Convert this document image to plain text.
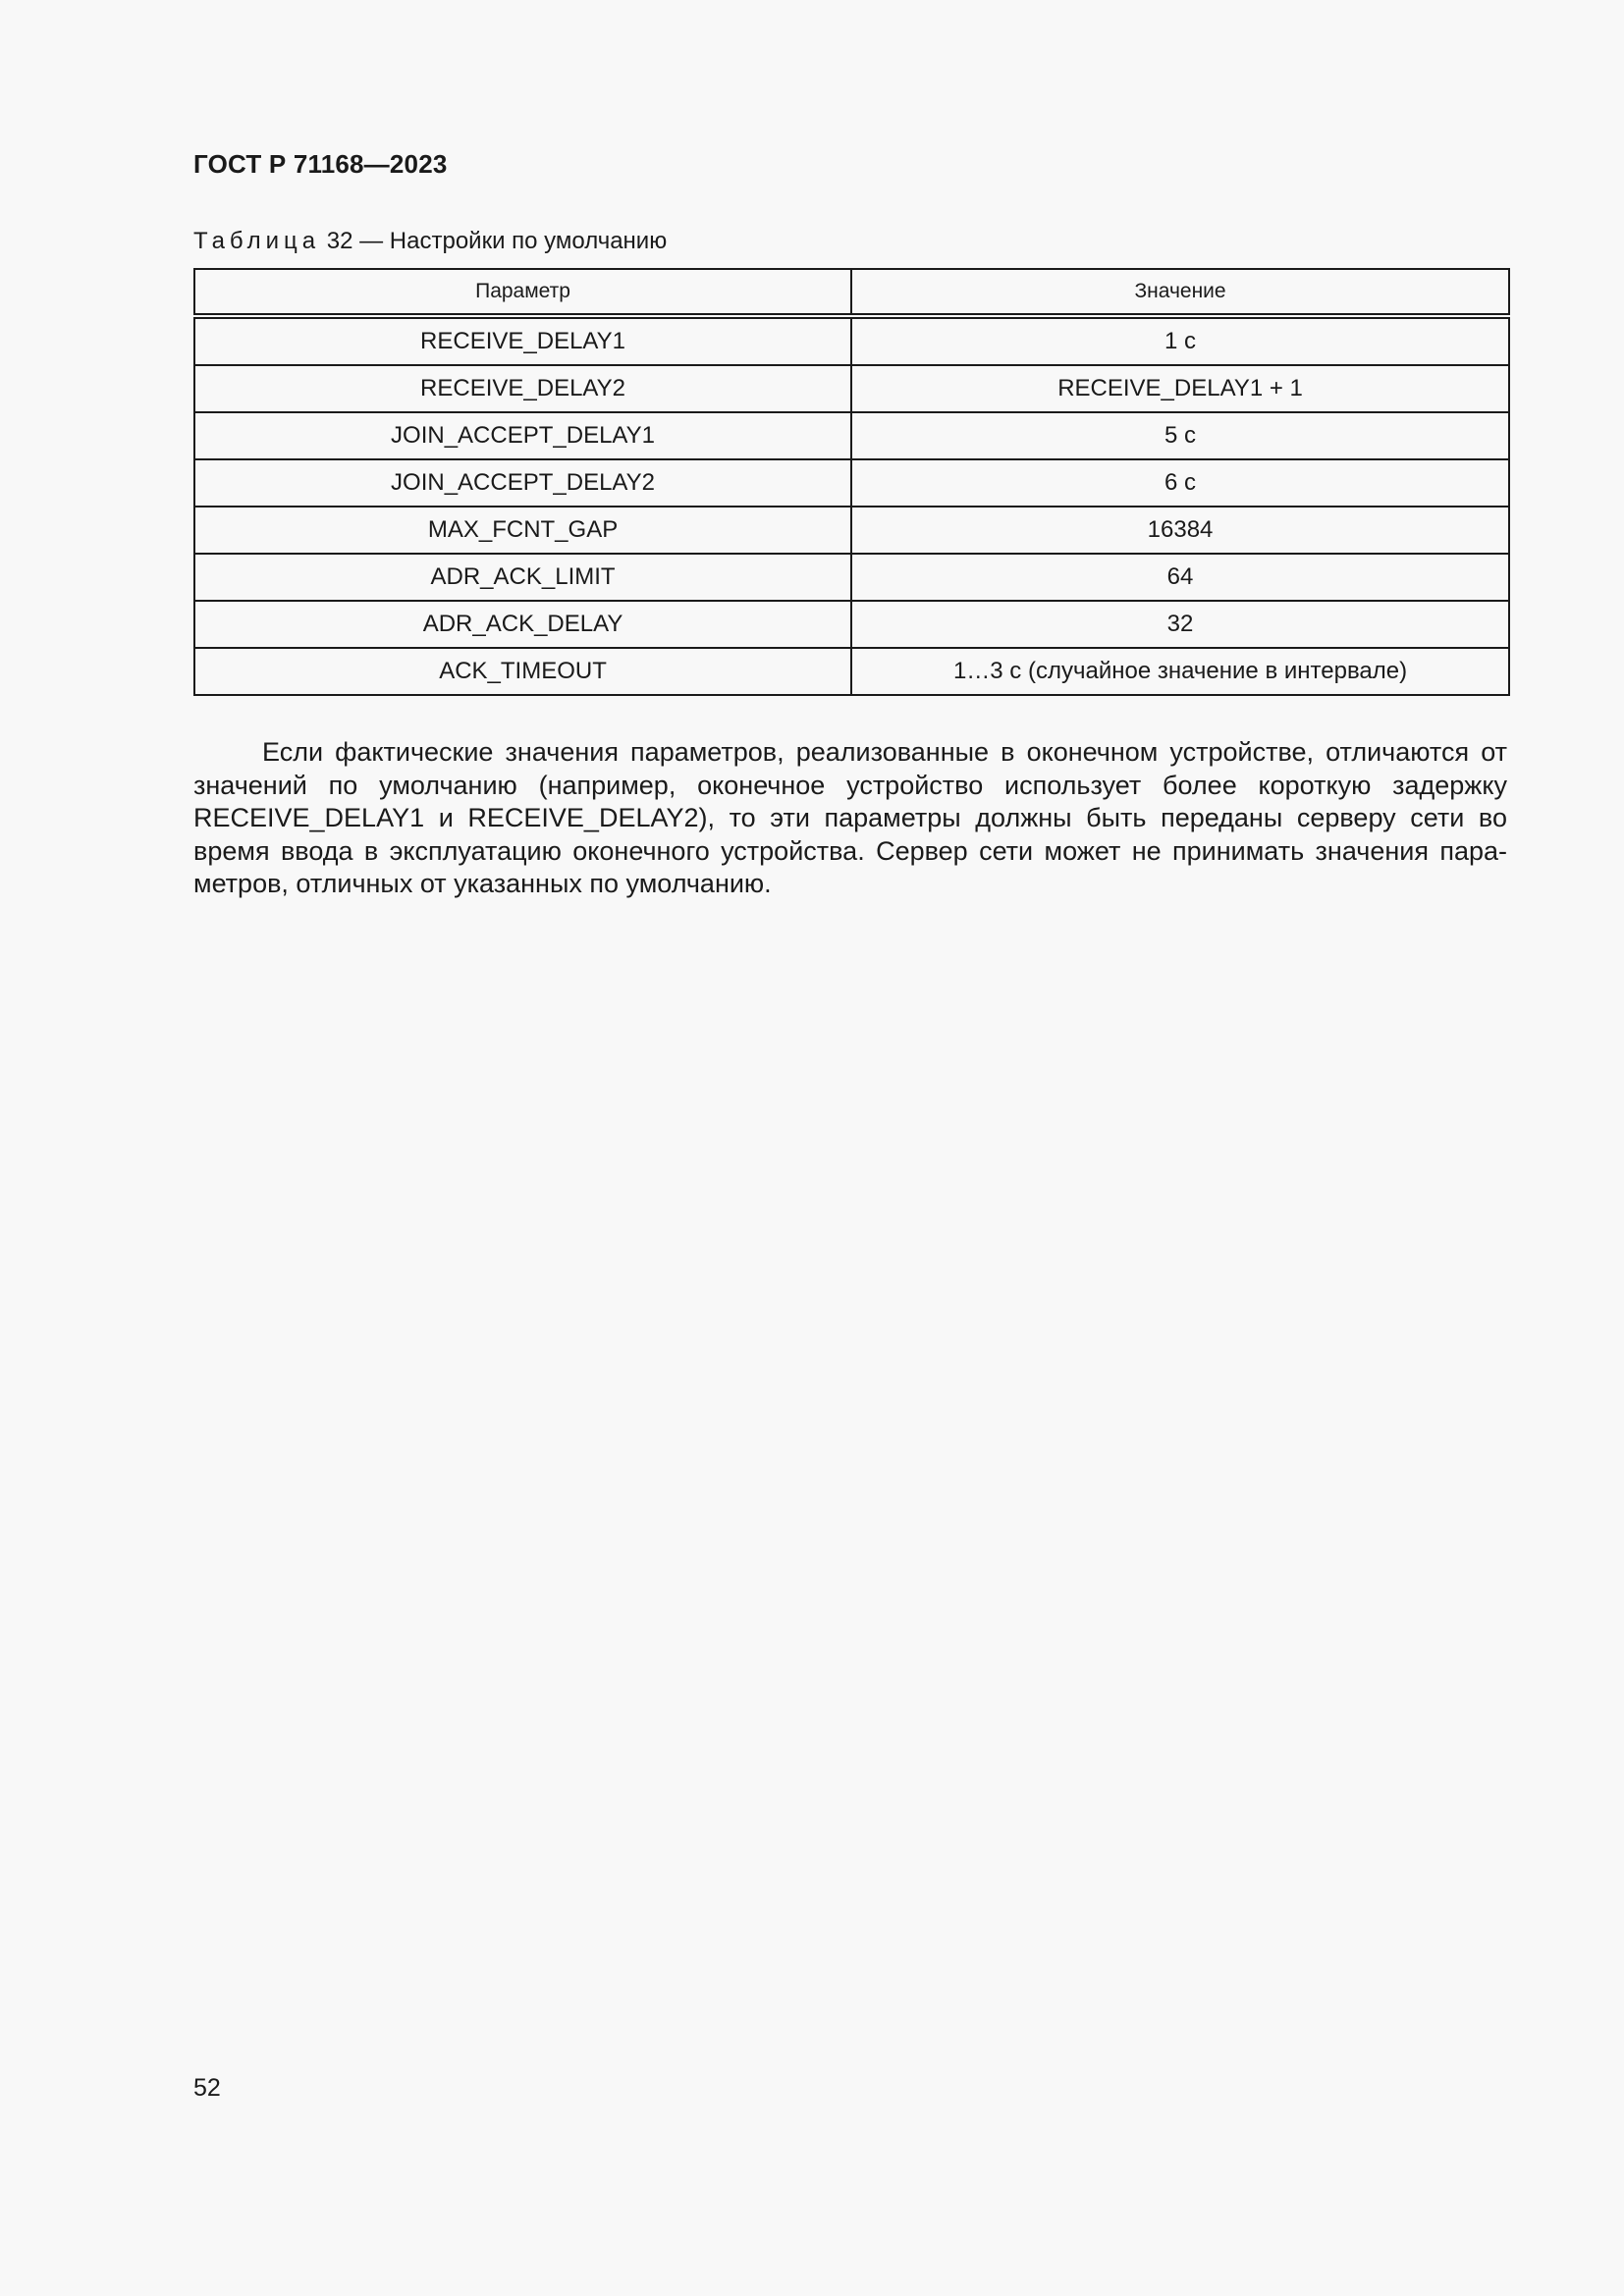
ГОСТ Р 71168—2023
Таблица 32 — Настройки по умолчанию
Параметр	Значение
RECEIVE_DELAY1	1 с
RECEIVE_DELAY2	RECEIVE_DELAY1 + 1
JOIN_ACCEPT_DELAY1	5 с
JOIN_ACCEPT_DELAY2	6 с
MAX_FCNT_GAP	16384
ADR_ACK_LIMIT	64
ADR_ACK_DELAY	32
ACK_TIMEOUT	1…3 с (случайное значение в интервале)

Если фактические значения параметров, реализованные в оконечном устройстве, отличаются от значений по умолчанию (например, оконечное устройство использует более короткую задержку RECEIVE_DELAY1 и RECEIVE_DELAY2), то эти параметры должны быть переданы серверу сети во время ввода в эксплуатацию оконечного устройства. Сервер сети может не принимать значения параметров, отличных от указанных по умолчанию.

52
